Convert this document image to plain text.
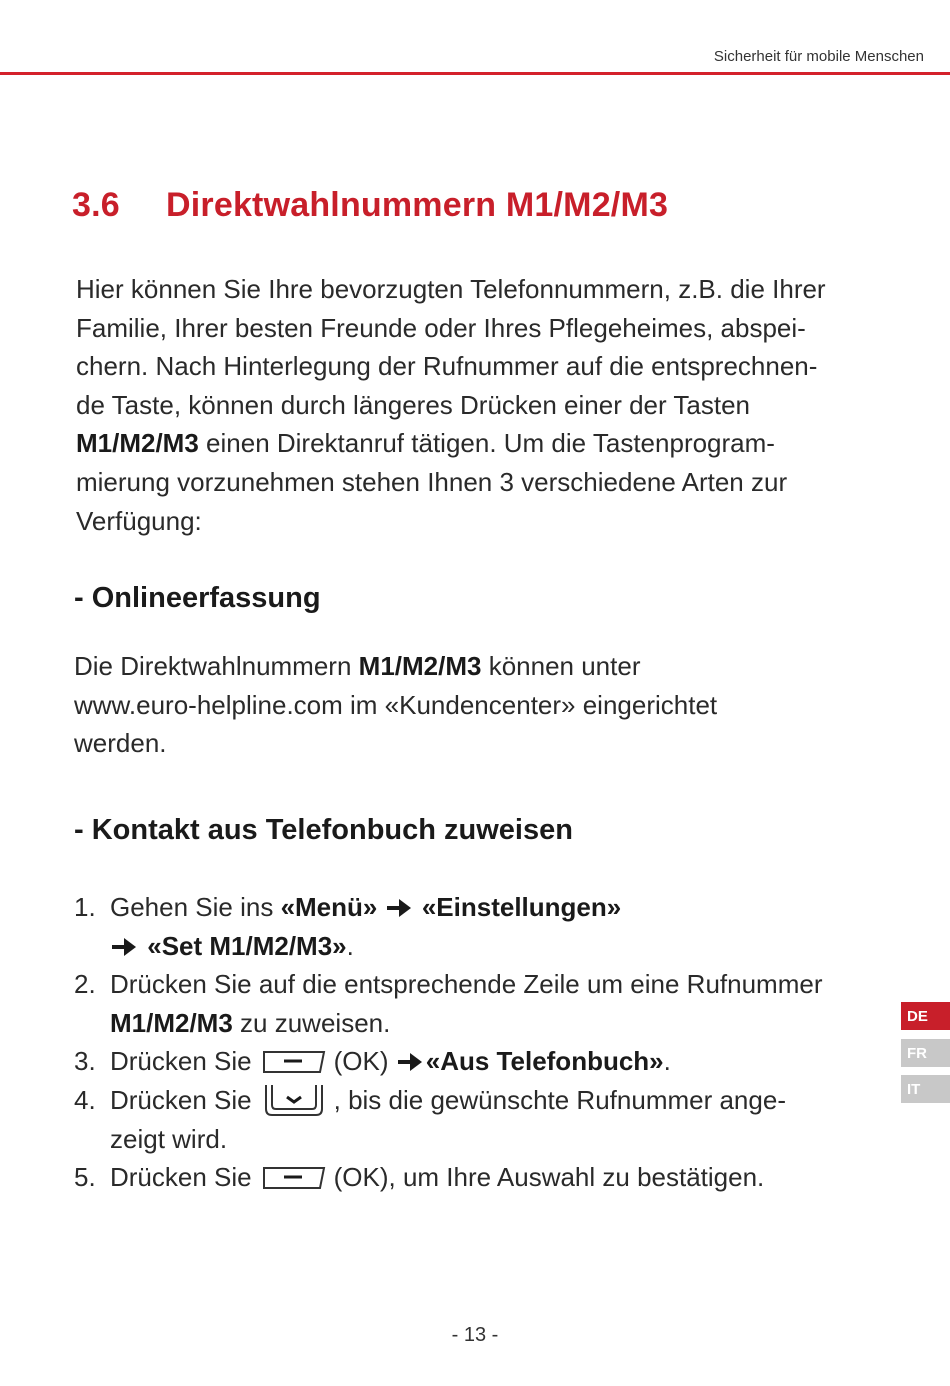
Sicherheit für mobile Menschen
3.6 Direktwahlnummern M1/M2/M3
Hier können Sie Ihre bevorzugten Telefonnummern, z.B. die Ihrer
Familie, Ihrer besten Freunde oder Ihres Pflegeheimes, abspei-
chern. Nach Hinterlegung der Rufnummer auf die entsprechnen-
de Taste, können durch längeres Drücken einer der Tasten
M1/M2/M3 einen Direktanruf tätigen. Um die Tastenprogram-
mierung vorzunehmen stehen Ihnen 3 verschiedene Arten zur
Verfügung:
- Onlineerfassung
Die Direktwahlnummern M1/M2/M3 können unter
www.euro-helpline.com im «Kundencenter» eingerichtet
werden.
- Kontakt aus Telefonbuch zuweisen
1. Gehen Sie ins «Menü» «Einstellungen»
«Set M1/M2/M3».
2. Drücken Sie auf die entsprechende Zeile um eine Rufnummer
M1/M2/M3 zu zuweisen.
3. Drücken Sie	(OK) «Aus Telefonbuch».
4. Drücken Sie	, bis die gewünschte Rufnummer ange-
zeigt wird.
5. Drücken Sie	(OK), um Ihre Auswahl zu bestätigen.
DE
FR
IT
- 13 -
